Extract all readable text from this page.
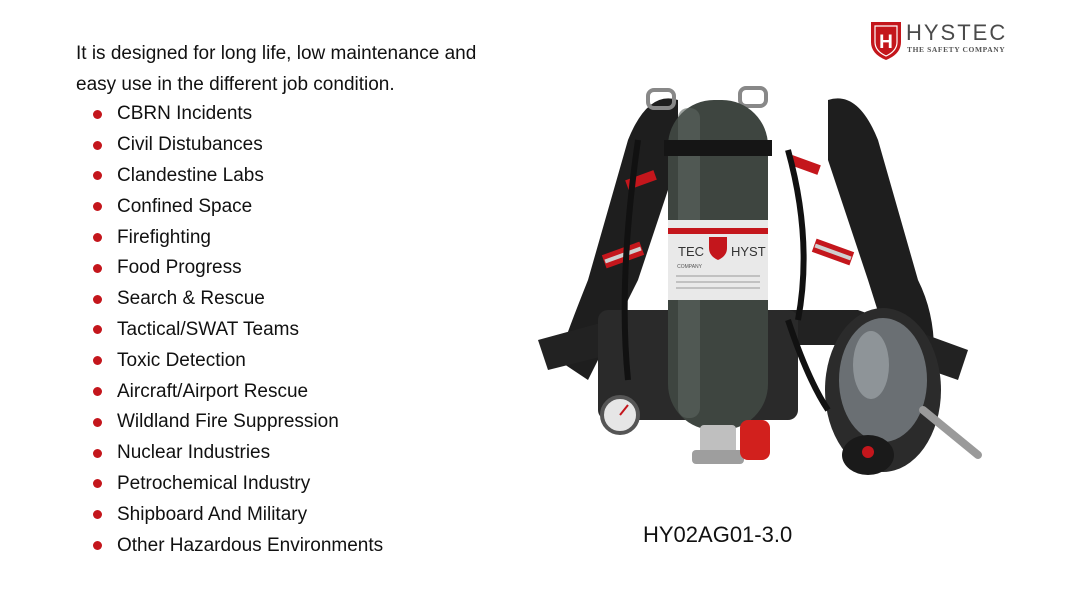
H HYSTEC
THE SAFETY COMPANY
It is designed for long life, low maintenance and easy use in the different job condition.
CBRN Incidents
Civil Distubances
Clandestine Labs
Confined Space
Firefighting
Food Progress
Search & Rescue
Tactical/SWAT Teams
Toxic Detection
Aircraft/Airport Rescue
Wildland Fire Suppression
Nuclear Industries
Petrochemical Industry
Shipboard And Military
Other Hazardous Environments
TEC HYST
COMPANY
HY02AG01-3.0
